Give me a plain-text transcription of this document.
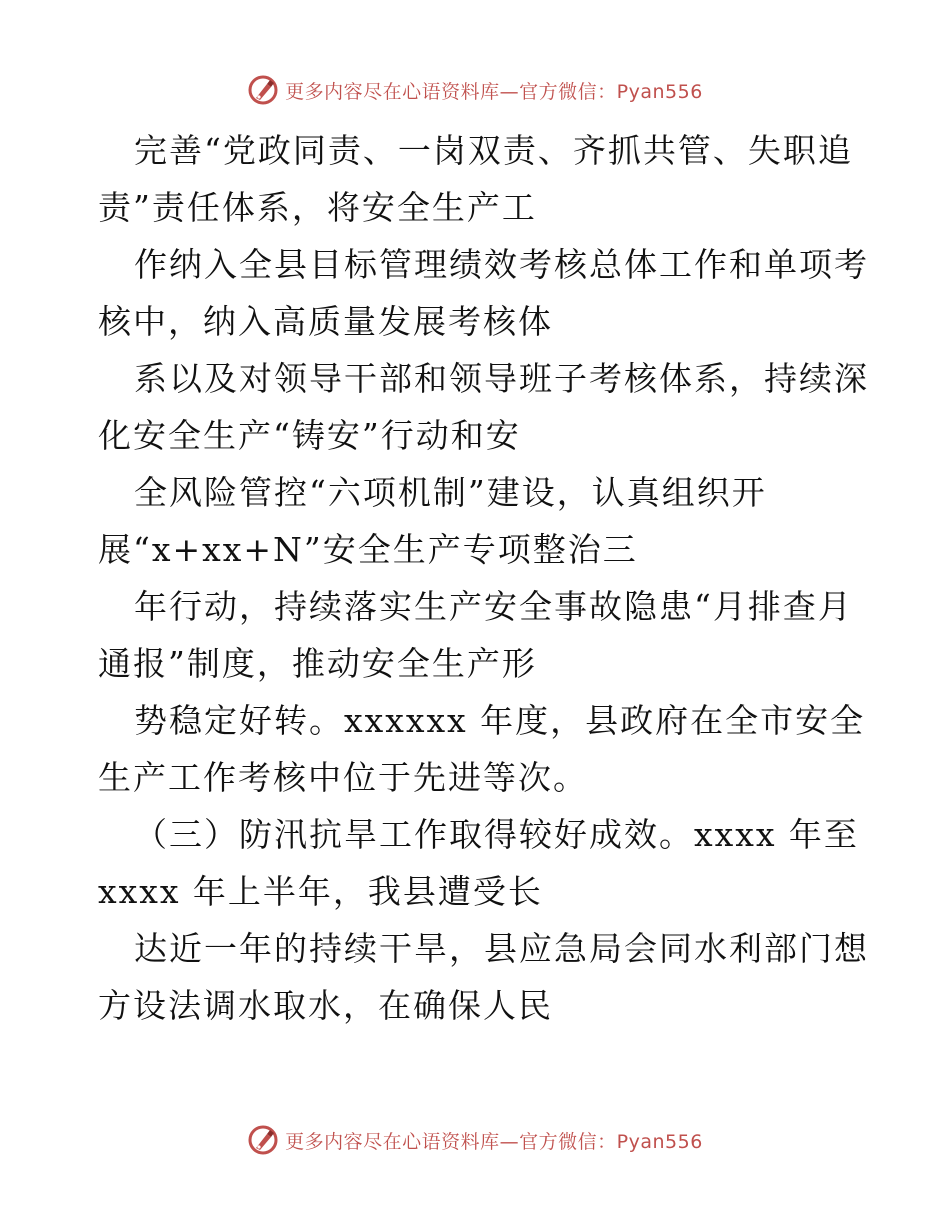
更多内容尽在心语资料库—官方微信：Pyan556
完善“党政同责、一岗双责、齐抓共管、失职追
责”责任体系，将安全生产工
作纳入全县目标管理绩效考核总体工作和单项考
核中，纳入高质量发展考核体
系以及对领导干部和领导班子考核体系，持续深
化安全生产“铸安”行动和安
全风险管控“六项机制”建设，认真组织开
展“x+xx+N”安全生产专项整治三
年行动，持续落实生产安全事故隐患“月排查月
通报”制度，推动安全生产形
势稳定好转。xxxxxx 年度，县政府在全市安全
生产工作考核中位于先进等次。
（三）防汛抗旱工作取得较好成效。xxxx 年至
xxxx 年上半年，我县遭受长
达近一年的持续干旱，县应急局会同水利部门想
方设法调水取水，在确保人民
更多内容尽在心语资料库—官方微信：Pyan556
